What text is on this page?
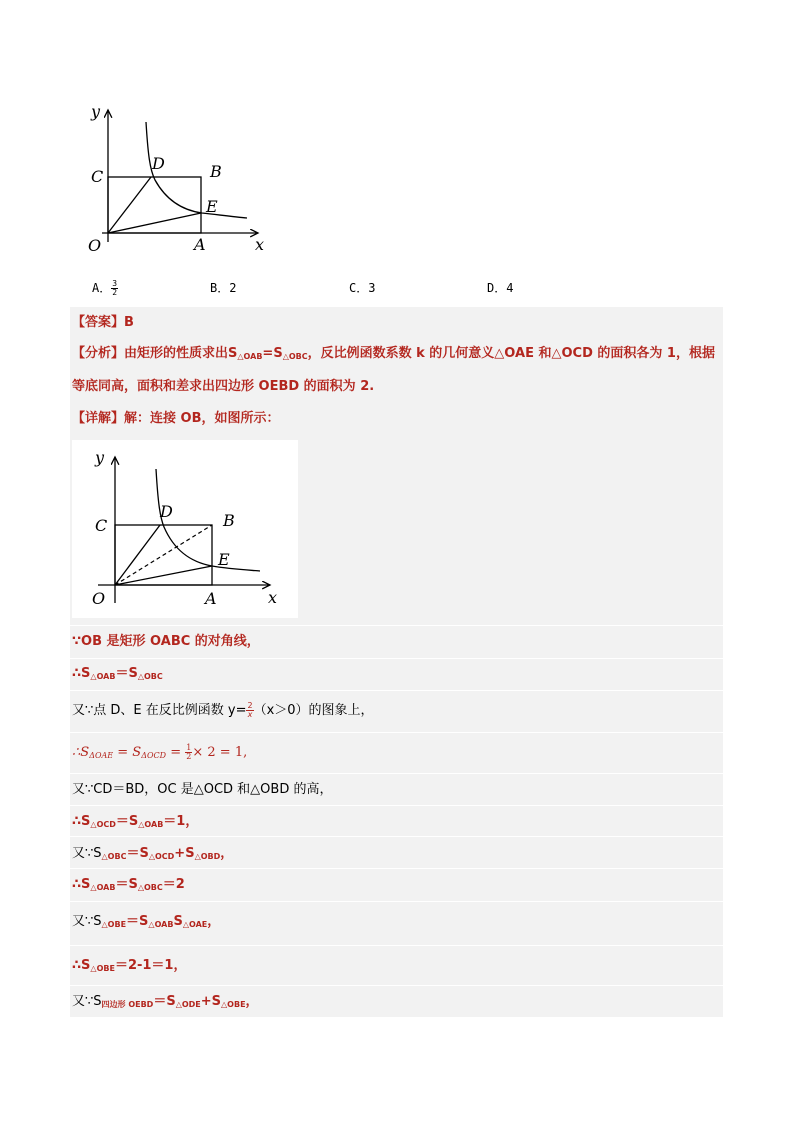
y
x
O
C
D	B
E
A
A． $\frac{3}{2}$	B．2	C．3	D．4
【答案】B
【分析】由矩形的性质求出$S_{\triangle OAB}=S_{\triangle OBC}$，反比例函数系数 k 的几何意义△OAE 和△OCD 的面积各为 1，根据
等底同高，面积和差求出四边形 OEBD 的面积为 2.
【详解】解：连接 OB，如图所示：
y
x
O
C
D	B
E
A
∵OB 是矩形 OABC 的对角线，
$\therefore S_{\triangle OAB}=S_{\triangle OBC}$
又∵点 D、E 在反比例函数 $y= \frac{2}{x} (x>0)$的图象上，
$\therefore S_{\Delta OAE} = S_{\Delta OCD} = \frac{1}{2} \times 2 = 1$,
又∵CD＝BD，OC 是△OCD 和△OBD 的高，
$\therefore S_{\triangle OCD}=S_{\triangle OAB}=1$，
又$\because S_{\triangle OBC}=S_{\triangle OCD}+S_{\triangle OBD}$，
$\therefore S_{\triangle OAB}=S_{\triangle OBC}=2$
又$\because S_{\triangle OBE}=S_{\triangle OAB}S_{\triangle OAE}$，
$\therefore S_{\triangle OBE}=2-1=1$，
又$\because S_{四边形 OEBD}=S_{\triangle ODE}+S_{\triangle OBE}$，
